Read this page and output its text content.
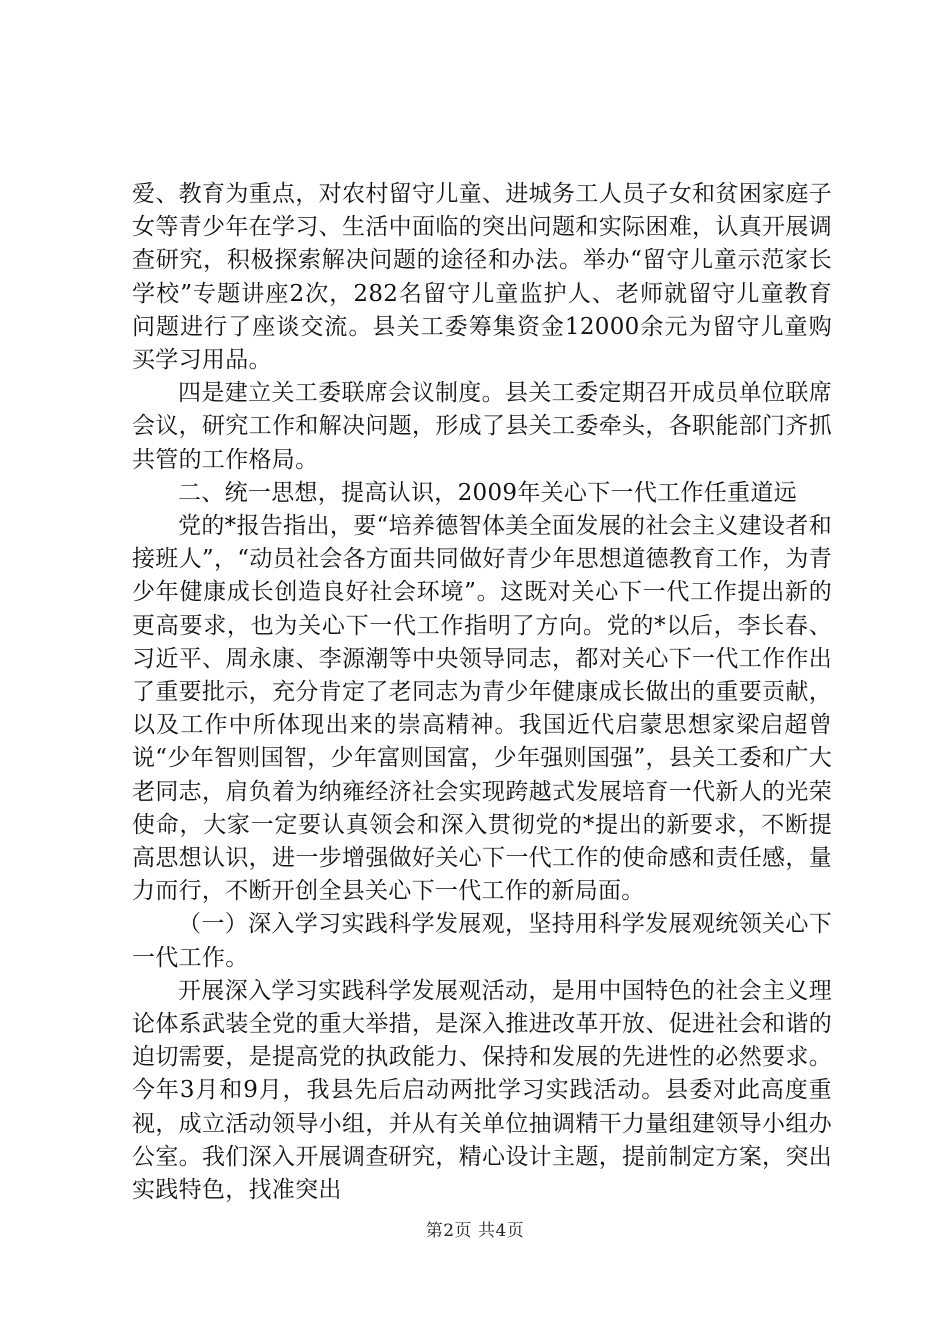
爱、教育为重点，对农村留守儿童、进城务工人员子女和贫困家庭子女等青少年在学习、生活中面临的突出问题和实际困难，认真开展调查研究，积极探索解决问题的途径和办法。举办“留守儿童示范家长学校”专题讲座2次，282名留守儿童监护人、老师就留守儿童教育问题进行了座谈交流。县关工委筹集资金12000余元为留守儿童购买学习用品。

四是建立关工委联席会议制度。县关工委定期召开成员单位联席会议，研究工作和解决问题，形成了县关工委牵头，各职能部门齐抓共管的工作格局。

二、统一思想，提高认识，2009年关心下一代工作任重道远

党的*报告指出，要“培养德智体美全面发展的社会主义建设者和接班人”，“动员社会各方面共同做好青少年思想道德教育工作，为青少年健康成长创造良好社会环境”。这既对关心下一代工作提出新的更高要求，也为关心下一代工作指明了方向。党的*以后，李长春、习近平、周永康、李源潮等中央领导同志，都对关心下一代工作作出了重要批示，充分肯定了老同志为青少年健康成长做出的重要贡献，以及工作中所体现出来的崇高精神。我国近代启蒙思想家梁启超曾说“少年智则国智，少年富则国富，少年强则国强”，县关工委和广大老同志，肩负着为纳雍经济社会实现跨越式发展培育一代新人的光荣使命，大家一定要认真领会和深入贯彻党的*提出的新要求，不断提高思想认识，进一步增强做好关心下一代工作的使命感和责任感，量力而行，不断开创全县关心下一代工作的新局面。

（一）深入学习实践科学发展观，坚持用科学发展观统领关心下一代工作。

开展深入学习实践科学发展观活动，是用中国特色的社会主义理论体系武装全党的重大举措，是深入推进改革开放、促进社会和谐的迫切需要，是提高党的执政能力、保持和发展的先进性的必然要求。今年3月和9月，我县先后启动两批学习实践活动。县委对此高度重视，成立活动领导小组，并从有关单位抽调精干力量组建领导小组办公室。我们深入开展调查研究，精心设计主题，提前制定方案，突出实践特色，找准突出

第2页 共4页
